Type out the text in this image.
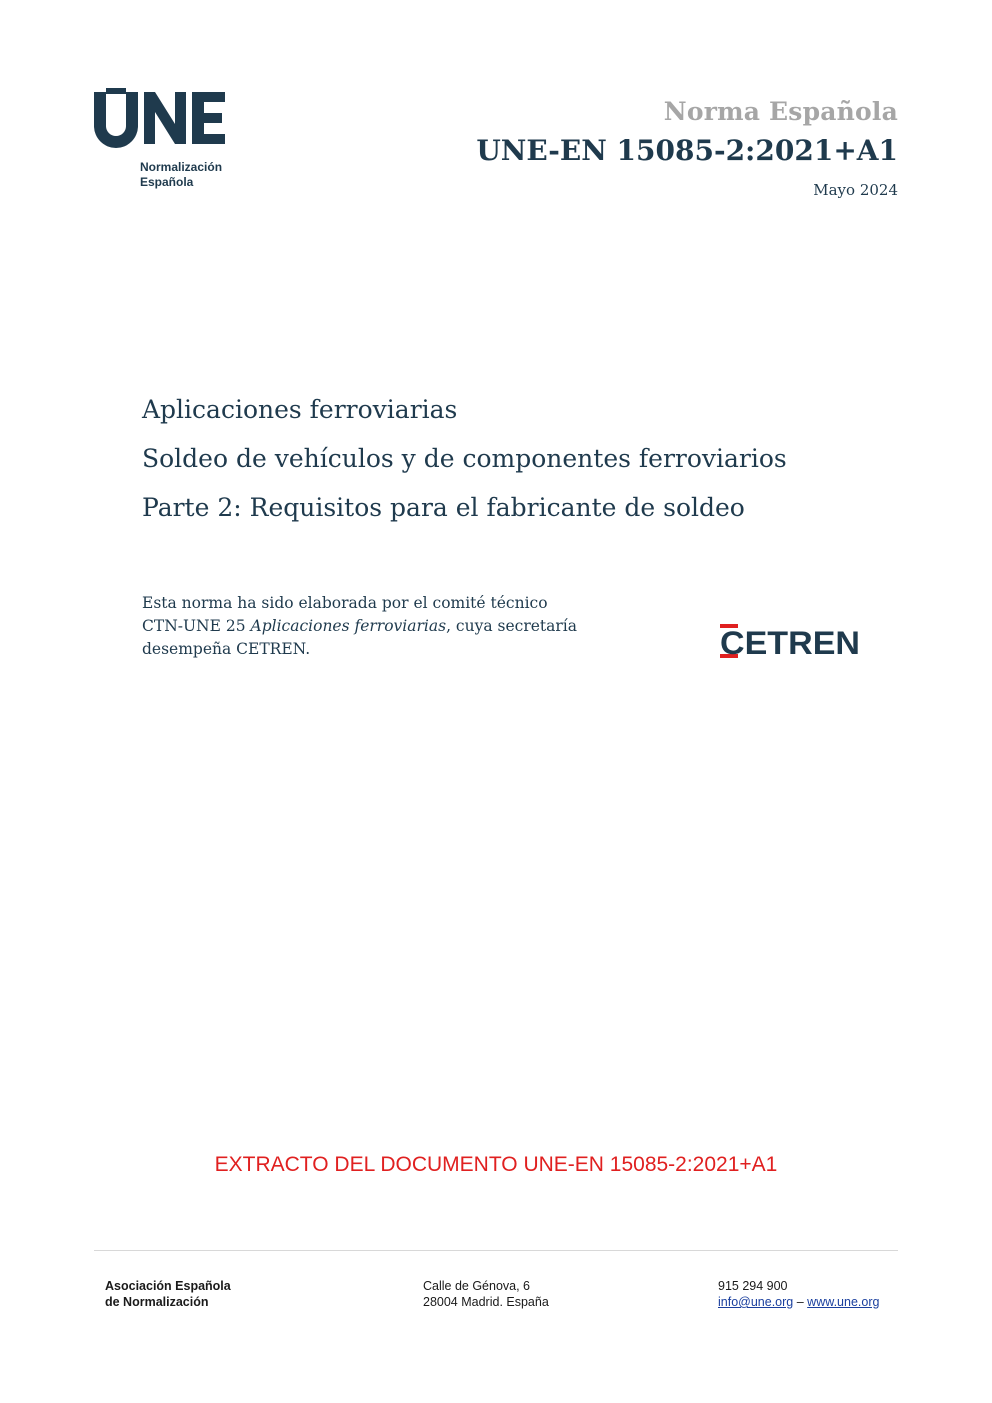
Normalización
Española
Norma Española
UNE-EN 15085-2:2021+A1
Mayo 2024
Aplicaciones ferroviarias
Soldeo de vehículos y de componentes ferroviarios
Parte 2: Requisitos para el fabricante de soldeo
Esta norma ha sido elaborada por el comité técnico
CTN-UNE 25 Aplicaciones ferroviarias, cuya secretaría
desempeña CETREN.	CETREN
EXTRACTO DEL DOCUMENTO UNE-EN 15085-2:2021+A1
Asociación Española
de Normalización
Calle de Génova, 6
28004 Madrid. España
915 294 900
info@une.org – www.une.org
